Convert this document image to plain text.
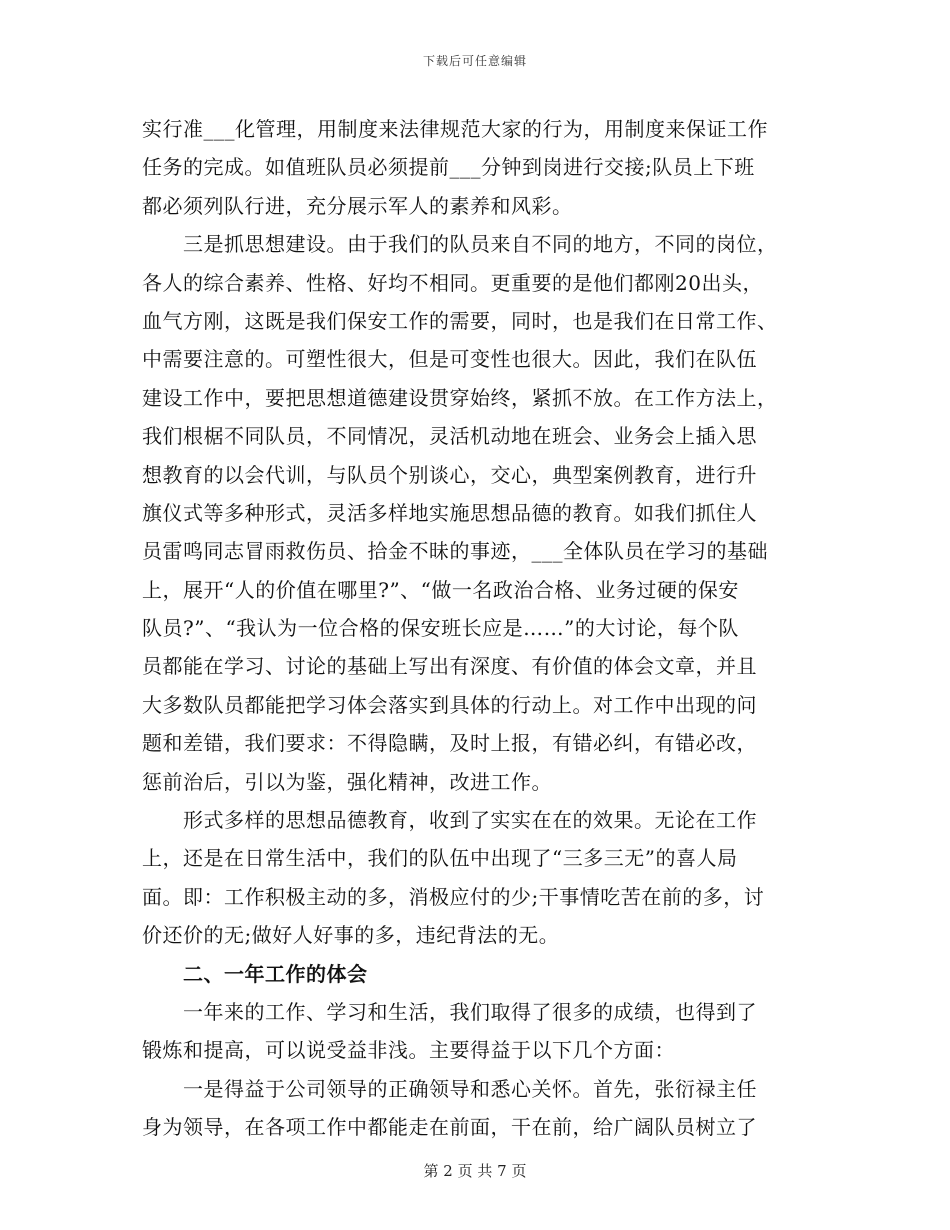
下载后可任意编辑
实行准___化管理，用制度来法律规范大家的行为，用制度来保证工作
任务的完成。如值班队员必须提前___分钟到岗进行交接;队员上下班
都必须列队行进，充分展示军人的素养和风彩。
　　三是抓思想建设。由于我们的队员来自不同的地方，不同的岗位，
各人的综合素养、性格、好均不相同。更重要的是他们都刚20出头，
血气方刚，这既是我们保安工作的需要，同时，也是我们在日常工作、
中需要注意的。可塑性很大，但是可变性也很大。因此，我们在队伍
建设工作中，要把思想道德建设贯穿始终，紧抓不放。在工作方法上，
我们根椐不同队员，不同情况，灵活机动地在班会、业务会上插入思
想教育的以会代训，与队员个别谈心，交心，典型案例教育，进行升
旗仪式等多种形式，灵活多样地实施思想品德的教育。如我们抓住人
员雷鸣同志冒雨救伤员、拾金不昧的事迹，___全体队员在学习的基础
上，展开“人的价值在哪里?”、“做一名政治合格、业务过硬的保安
队员?”、“我认为一位合格的保安班长应是……”的大讨论，每个队
员都能在学习、讨论的基础上写出有深度、有价值的体会文章，并且
大多数队员都能把学习体会落实到具体的行动上。对工作中出现的问
题和差错，我们要求：不得隐瞒，及时上报，有错必纠，有错必改，
惩前治后，引以为鉴，强化精神，改进工作。
　　形式多样的思想品德教育，收到了实实在在的效果。无论在工作
上，还是在日常生活中，我们的队伍中出现了“三多三无”的喜人局
面。即：工作积极主动的多，消极应付的少;干事情吃苦在前的多，讨
价还价的无;做好人好事的多，违纪背法的无。
　　二、一年工作的体会
　　一年来的工作、学习和生活，我们取得了很多的成绩，也得到了
锻炼和提高，可以说受益非浅。主要得益于以下几个方面：
　　一是得益于公司领导的正确领导和悉心关怀。首先，张衍禄主任
身为领导，在各项工作中都能走在前面，干在前，给广阔队员树立了
第 2 页 共 7 页
